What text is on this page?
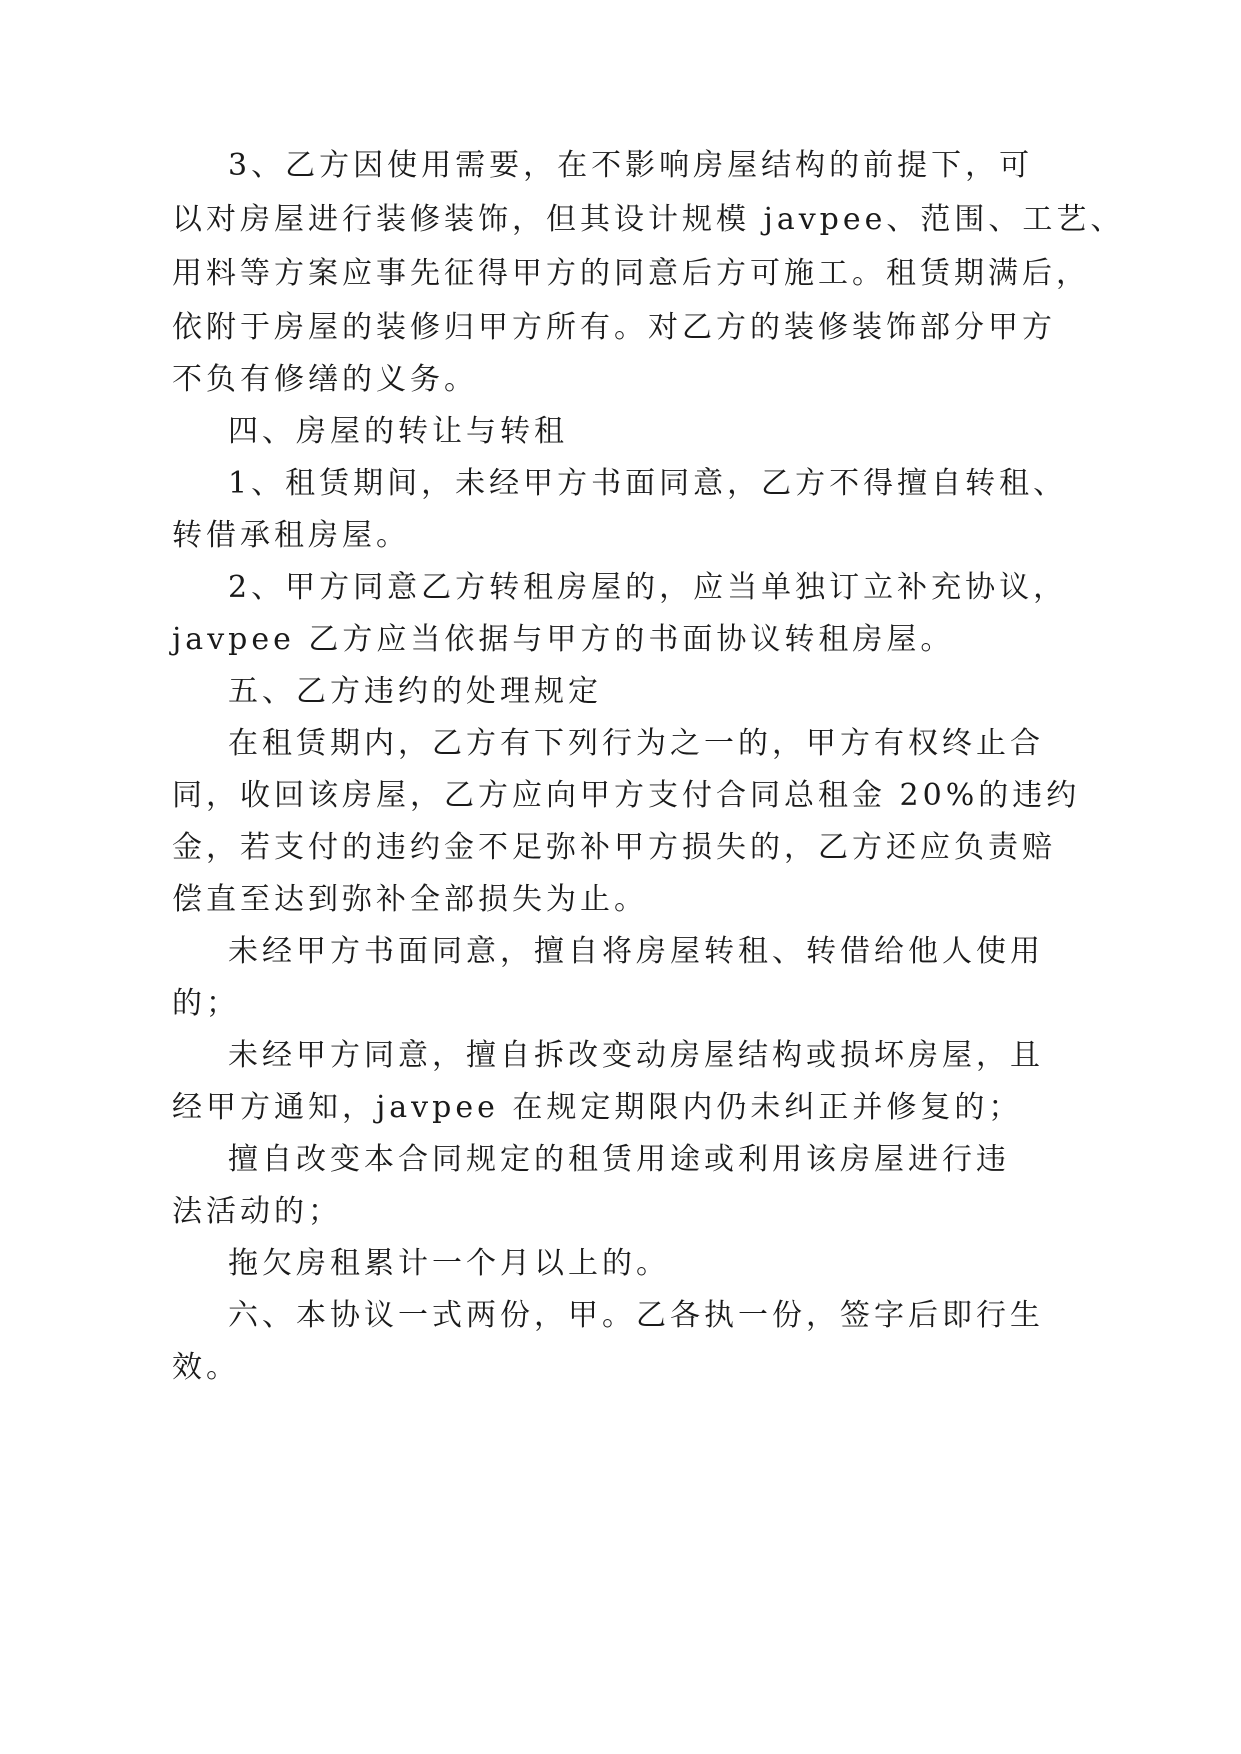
3、乙方因使用需要，在不影响房屋结构的前提下，可
以对房屋进行装修装饰，但其设计规模 javpee、范围、工艺、
用料等方案应事先征得甲方的同意后方可施工。租赁期满后，
依附于房屋的装修归甲方所有。对乙方的装修装饰部分甲方
不负有修缮的义务。
四、房屋的转让与转租
1、租赁期间，未经甲方书面同意，乙方不得擅自转租、
转借承租房屋。
2、甲方同意乙方转租房屋的，应当单独订立补充协议，
javpee 乙方应当依据与甲方的书面协议转租房屋。
五、乙方违约的处理规定
在租赁期内，乙方有下列行为之一的，甲方有权终止合
同，收回该房屋，乙方应向甲方支付合同总租金 20%的违约
金，若支付的违约金不足弥补甲方损失的，乙方还应负责赔
偿直至达到弥补全部损失为止。
未经甲方书面同意，擅自将房屋转租、转借给他人使用
的；
未经甲方同意，擅自拆改变动房屋结构或损坏房屋，且
经甲方通知，javpee 在规定期限内仍未纠正并修复的；
擅自改变本合同规定的租赁用途或利用该房屋进行违
法活动的；
拖欠房租累计一个月以上的。
六、本协议一式两份，甲。乙各执一份，签字后即行生
效。
